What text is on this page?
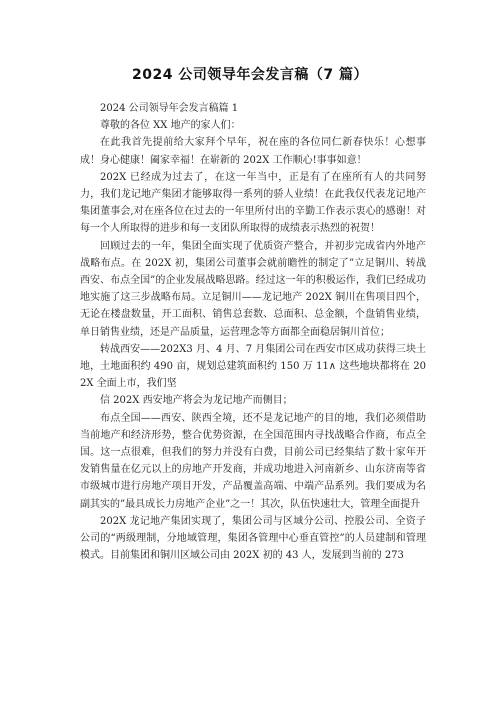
2024 公司领导年会发言稿（7 篇）

2024 公司领导年会发言稿篇 1

尊敬的各位 XX 地产的家人们：

在此我首先提前给大家拜个早年，祝在座的各位同仁新春快乐！心想事成！身心健康！阖家幸福！在崭新的 202X 工作顺心!事事如意！

202X 已经成为过去了，在这一年当中，正是有了在座所有人的共同努力，我们龙记地产集团才能够取得一系列的骄人业绩！在此我仅代表龙记地产集团董事会,对在座各位在过去的一年里所付出的辛勤工作表示衷心的感谢！对每一个人所取得的进步和每一支团队所取得的成绩表示热烈的祝贺！

回顾过去的一年，集团全面实现了优质资产整合，并初步完成省内外地产战略布点。在 202X 初，集团公司董事会就前瞻性的制定了”立足铜川、转战西安、布点全国”的企业发展战略思路。经过这一年的积极运作，我们已经成功地实施了这三步战略布局。立足铜川——龙记地产 202X 铜川在售项目四个，无论在楼盘数量，开工面积、销售总套数、总面积、总金额，个盘销售业绩，单日销售业绩，还是产品质量，运营理念等方面都全面稳居铜川首位；

转战西安——202X3 月、4 月、7 月集团公司在西安市区成功获得三块土地，土地面积约 490 亩，规划总建筑面积约 150 万 11∧ 这些地块都将在 202X 全面上市，我们坚

信 202X 西安地产将会为龙记地产而侧目；

布点全国——西安、陕西全境，还不是龙记地产的目的地，我们必须借助当前地产和经济形势，整合优势资源，在全国范围内寻找战略合作商，布点全国。这一点很难，但我们的努力并没有白费，目前公司已经集结了数十家年开发销售量在亿元以上的房地产开发商，并成功地进入河南新乡、山东济南等省市级城市进行房地产项目开发，产品覆盖高端、中端产品系列。我们要成为名副其实的”最具成长力房地产企业”之一！其次，队伍快速壮大，管理全面提升

202X 龙记地产集团实现了，集团公司与区域分公司、控股公司、全资子公司的“两级理制，分地域管理，集团各管理中心垂直管控”的人员建制和管理模式。目前集团和铜川区域公司由 202X 初的 43 人，发展到当前的 273
